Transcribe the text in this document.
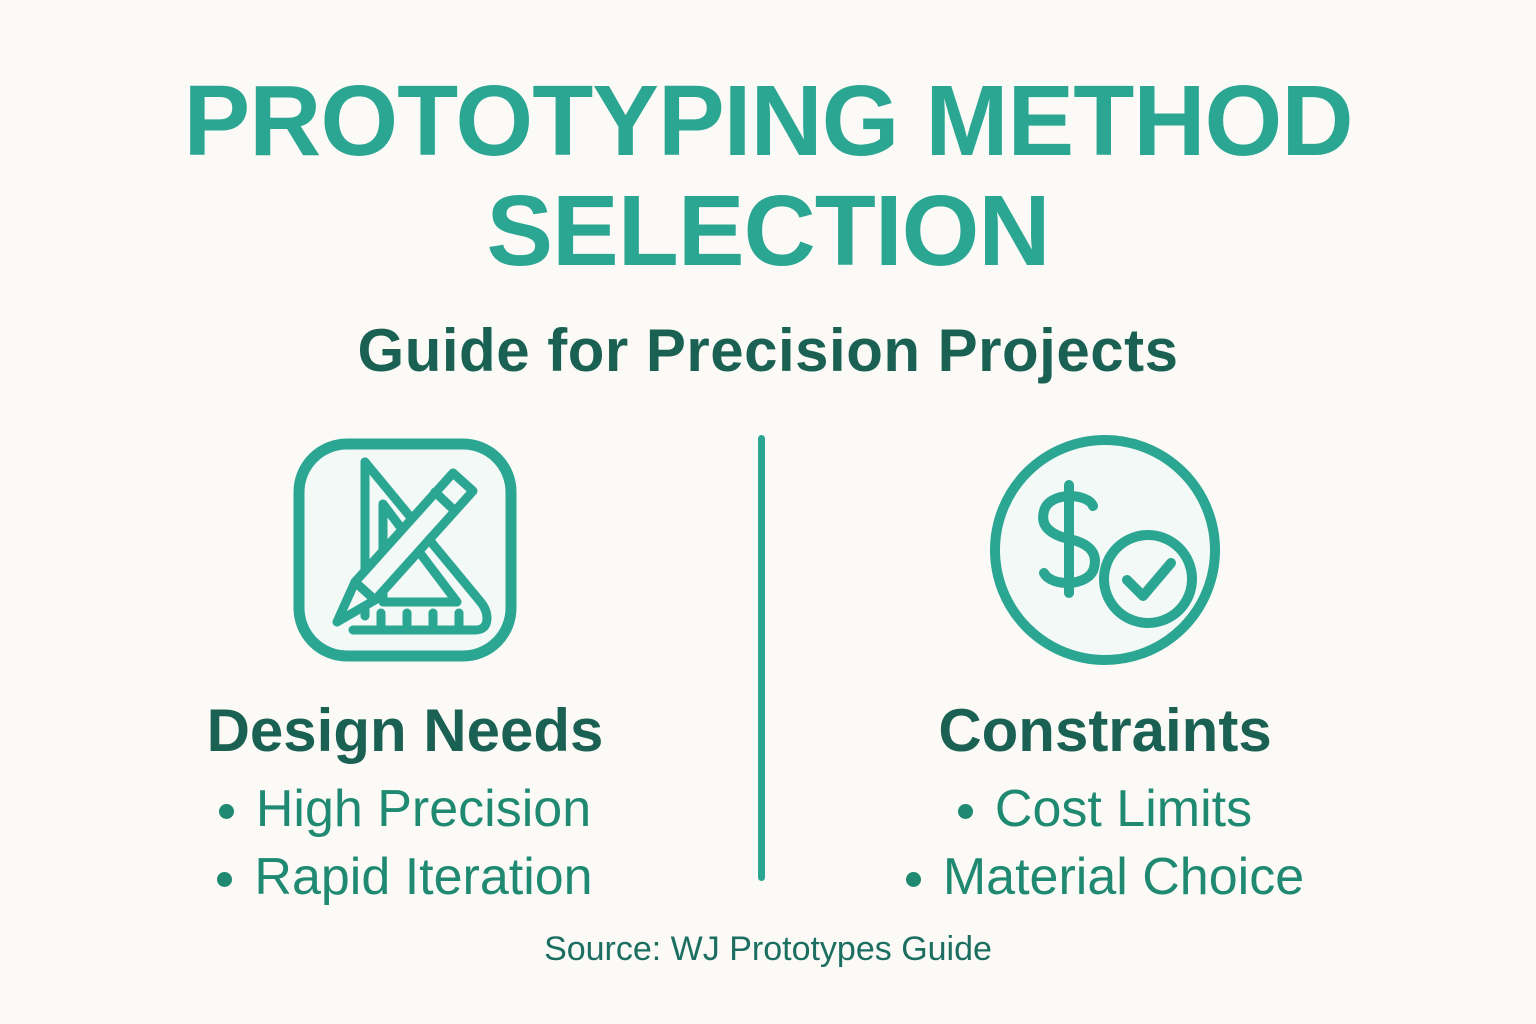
PROTOTYPING METHOD
SELECTION
Guide for Precision Projects
Design Needs
High Precision
Rapid Iteration
Constraints
Cost Limits
Material Choice
Source: WJ Prototypes Guide
